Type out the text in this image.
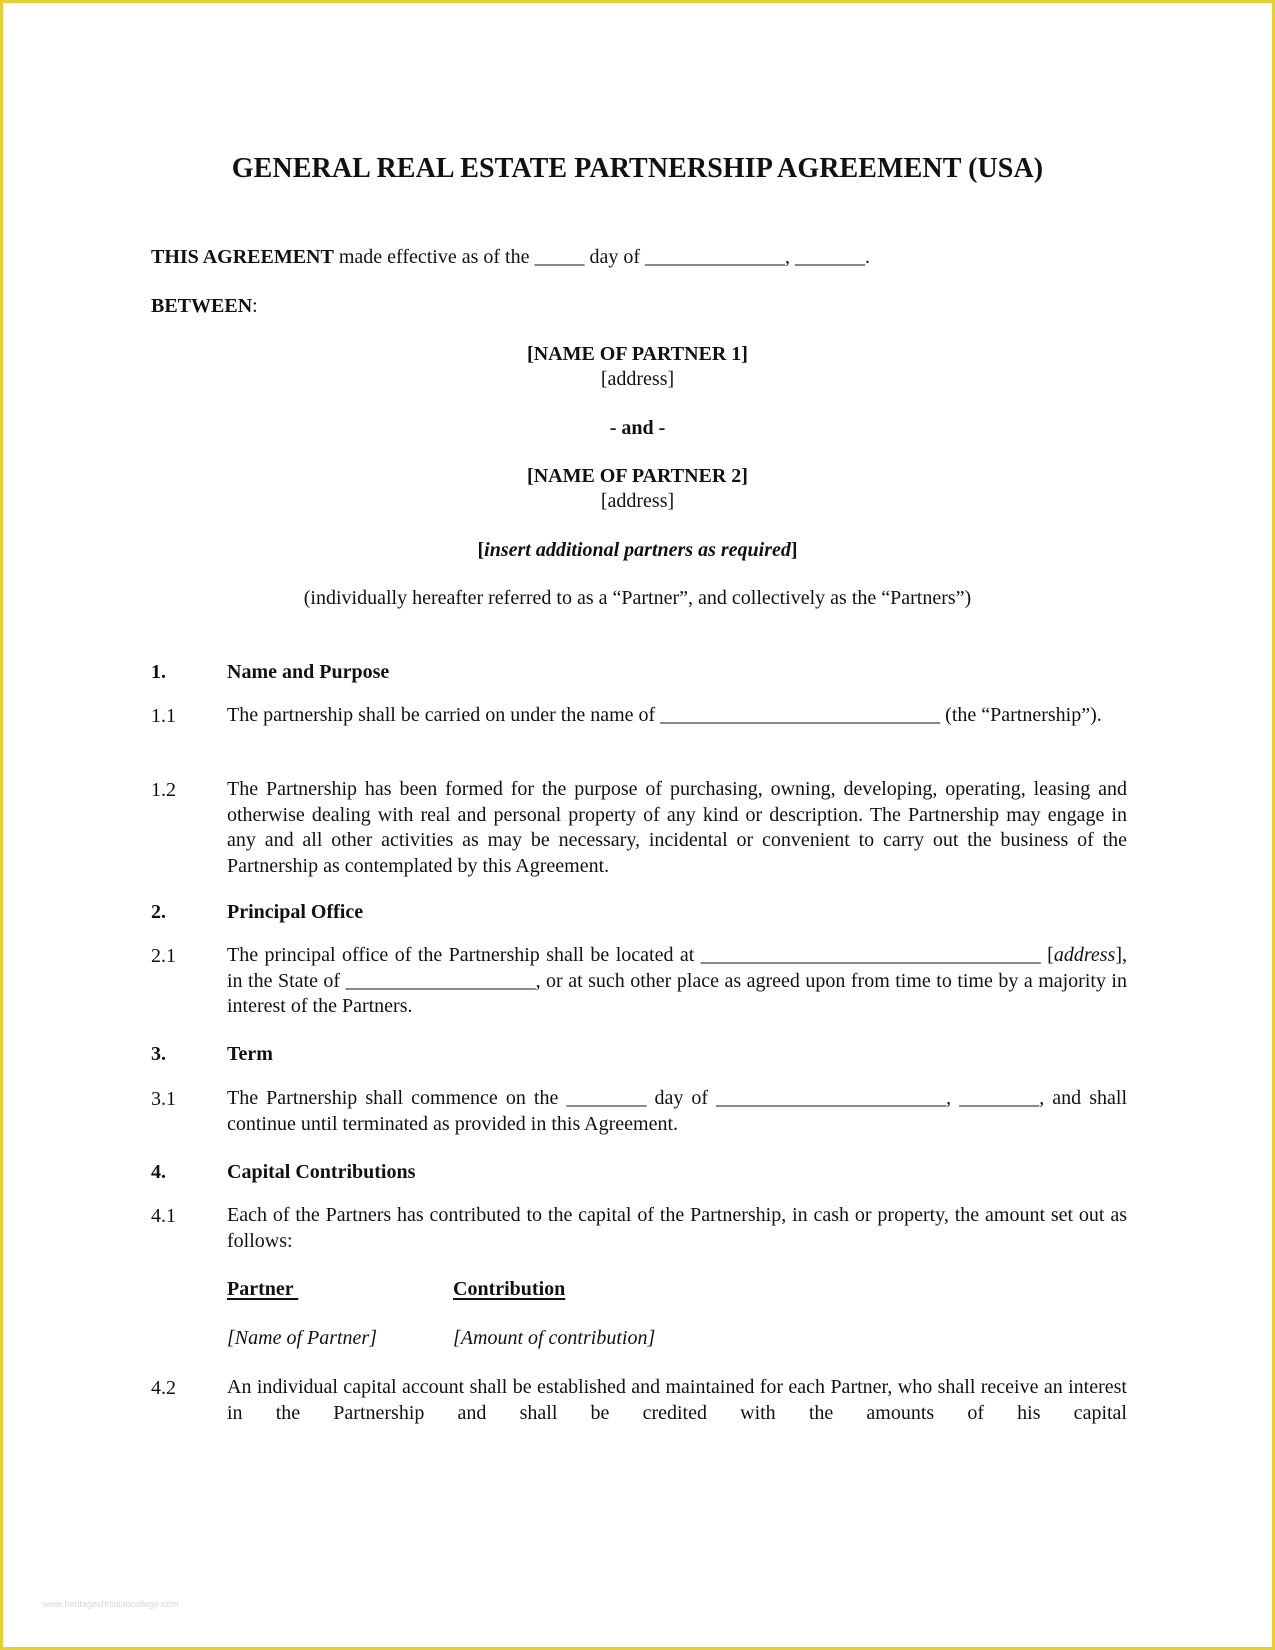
GENERAL REAL ESTATE PARTNERSHIP AGREEMENT (USA)
THIS AGREEMENT made effective as of the _____ day of ______________, _______.
BETWEEN:
[NAME OF PARTNER 1]
[address]
- and -
[NAME OF PARTNER 2]
[address]
[insert additional partners as required]
(individually hereafter referred to as a “Partner”, and collectively as the “Partners”)
1.	Name and Purpose
1.1	The partnership shall be carried on under the name of ____________________________ (the “Partnership”).
1.2	The Partnership has been formed for the purpose of purchasing, owning, developing, operating, leasing and otherwise dealing with real and personal property of any kind or description. The Partnership may engage in any and all other activities as may be necessary, incidental or convenient to carry out the business of the Partnership as contemplated by this Agreement.
2.	Principal Office
2.1	The principal office of the Partnership shall be located at __________________________________ [address], in the State of ___________________, or at such other place as agreed upon from time to time by a majority in interest of the Partners.
3.	Term
3.1	The Partnership shall commence on the ________ day of _______________________, ________, and shall continue until terminated as provided in this Agreement.
4.	Capital Contributions
4.1	Each of the Partners has contributed to the capital of the Partnership, in cash or property, the amount set out as follows:
Partner	Contribution
[Name of Partner]	[Amount of contribution]
4.2	An individual capital account shall be established and maintained for each Partner, who shall receive an interest in the Partnership and shall be credited with the amounts of his capital
www.heritagechristiancollege.com
